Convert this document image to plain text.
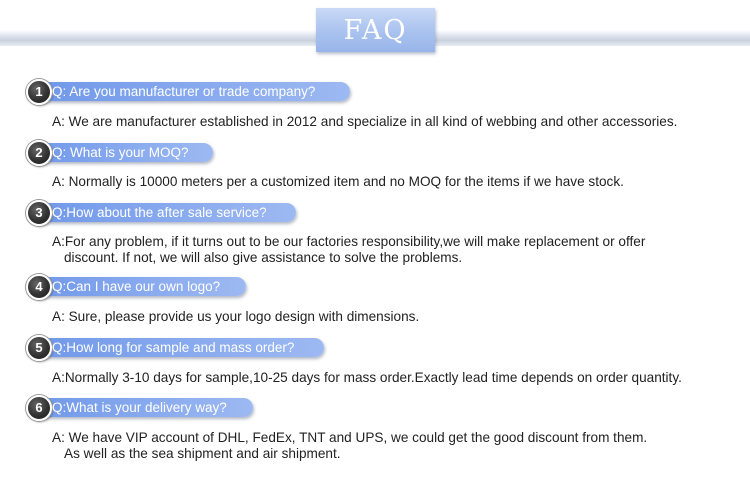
FAQ
1 Q: Are you manufacturer or trade company?
A: We are manufacturer established in 2012 and specialize in all kind of webbing and other accessories.
2 Q: What is your MOQ?
A: Normally is 10000 meters per a customized item and no MOQ for the items if we have stock.
3 Q:How about the after sale service?
A:For any problem, if it turns out to be our factories responsibility,we will make replacement or offer
discount. If not, we will also give assistance to solve the problems.
4 Q:Can I have our own logo?
A: Sure, please provide us your logo design with dimensions.
5 Q:How long for sample and mass order?
A:Normally 3-10 days for sample,10-25 days for mass order.Exactly lead time depends on order quantity.
6 Q:What is your delivery way?
A: We have VIP account of DHL, FedEx, TNT and UPS, we could get the good discount from them.
As well as the sea shipment and air shipment.
